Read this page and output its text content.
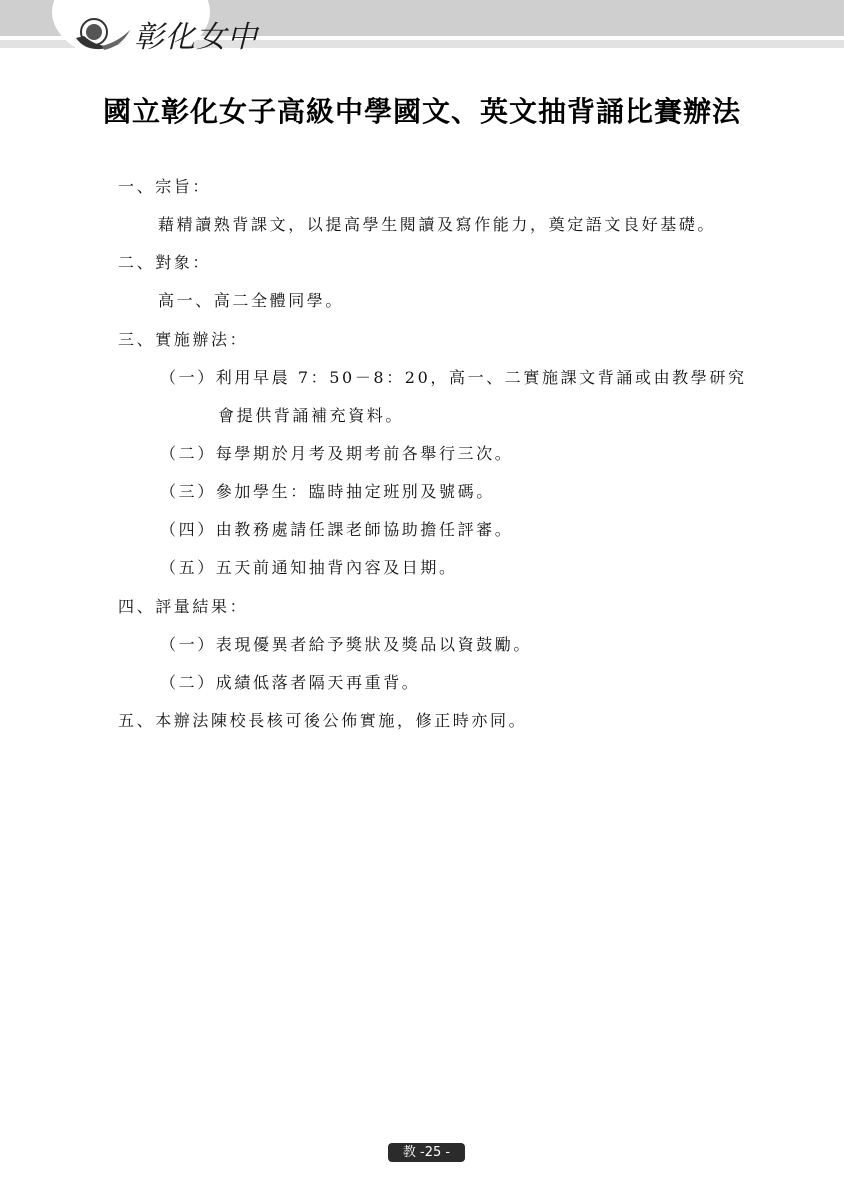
彰化女中
國立彰化女子高級中學國文、英文抽背誦比賽辦法
一、宗旨：
藉精讀熟背課文，以提高學生閱讀及寫作能力，奠定語文良好基礎。
二、對象：
高一、高二全體同學。
三、實施辦法：
（一）利用早晨 7：50－8：20，高一、二實施課文背誦或由教學研究
會提供背誦補充資料。
（二）每學期於月考及期考前各舉行三次。
（三）參加學生：臨時抽定班別及號碼。
（四）由教務處請任課老師協助擔任評審。
（五）五天前通知抽背內容及日期。
四、評量結果：
（一）表現優異者給予獎狀及獎品以資鼓勵。
（二）成績低落者隔天再重背。
五、本辦法陳校長核可後公佈實施，修正時亦同。
教 -25 -
